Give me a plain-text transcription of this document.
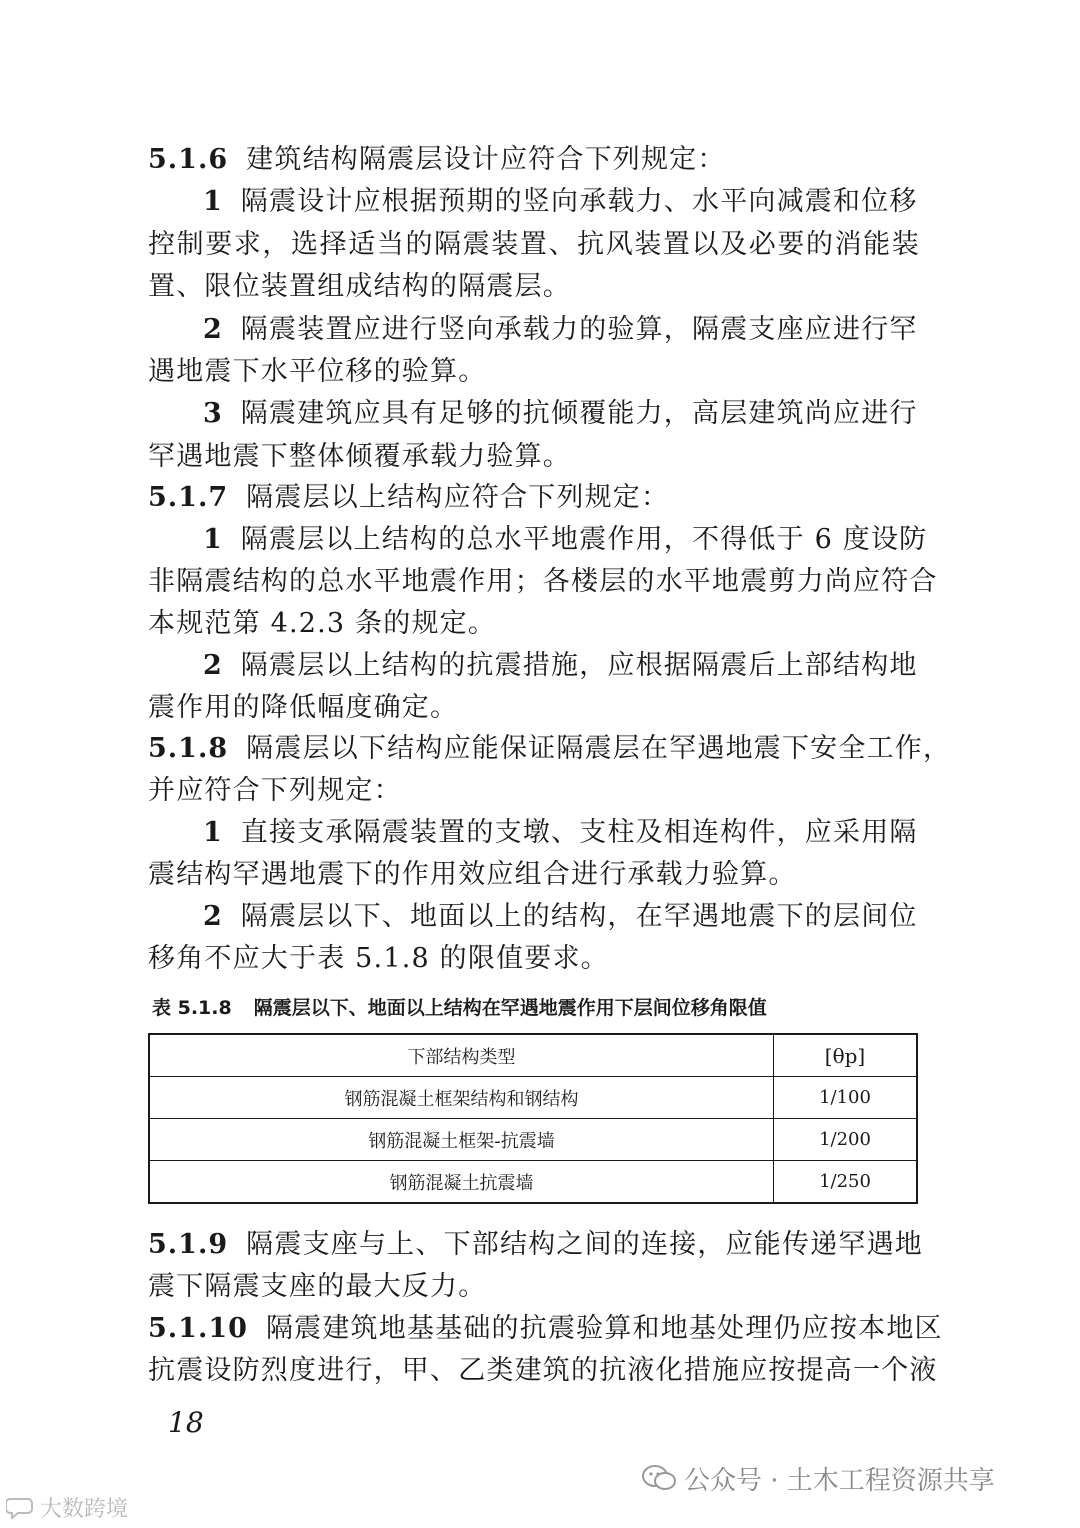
5.1.6 建筑结构隔震层设计应符合下列规定：
1 隔震设计应根据预期的竖向承载力、水平向减震和位移
控制要求，选择适当的隔震装置、抗风装置以及必要的消能装
置、限位装置组成结构的隔震层。
2 隔震装置应进行竖向承载力的验算，隔震支座应进行罕
遇地震下水平位移的验算。
3 隔震建筑应具有足够的抗倾覆能力，高层建筑尚应进行
罕遇地震下整体倾覆承载力验算。
5.1.7 隔震层以上结构应符合下列规定：
1 隔震层以上结构的总水平地震作用，不得低于 6 度设防
非隔震结构的总水平地震作用；各楼层的水平地震剪力尚应符合
本规范第 4.2.3 条的规定。
2 隔震层以上结构的抗震措施，应根据隔震后上部结构地
震作用的降低幅度确定。
5.1.8 隔震层以下结构应能保证隔震层在罕遇地震下安全工作，
并应符合下列规定：
1 直接支承隔震装置的支墩、支柱及相连构件，应采用隔
震结构罕遇地震下的作用效应组合进行承载力验算。
2 隔震层以下、地面以上的结构，在罕遇地震下的层间位
移角不应大于表 5.1.8 的限值要求。
表 5.1.8 隔震层以下、地面以上结构在罕遇地震作用下层间位移角限值
下部结构类型	[θp]
钢筋混凝土框架结构和钢结构	1/100
钢筋混凝土框架-抗震墙	1/200
钢筋混凝土抗震墙	1/250
5.1.9 隔震支座与上、下部结构之间的连接，应能传递罕遇地
震下隔震支座的最大反力。
5.1.10 隔震建筑地基基础的抗震验算和地基处理仍应按本地区
抗震设防烈度进行，甲、乙类建筑的抗液化措施应按提高一个液
18
公众号 · 土木工程资源共享
大数跨境
